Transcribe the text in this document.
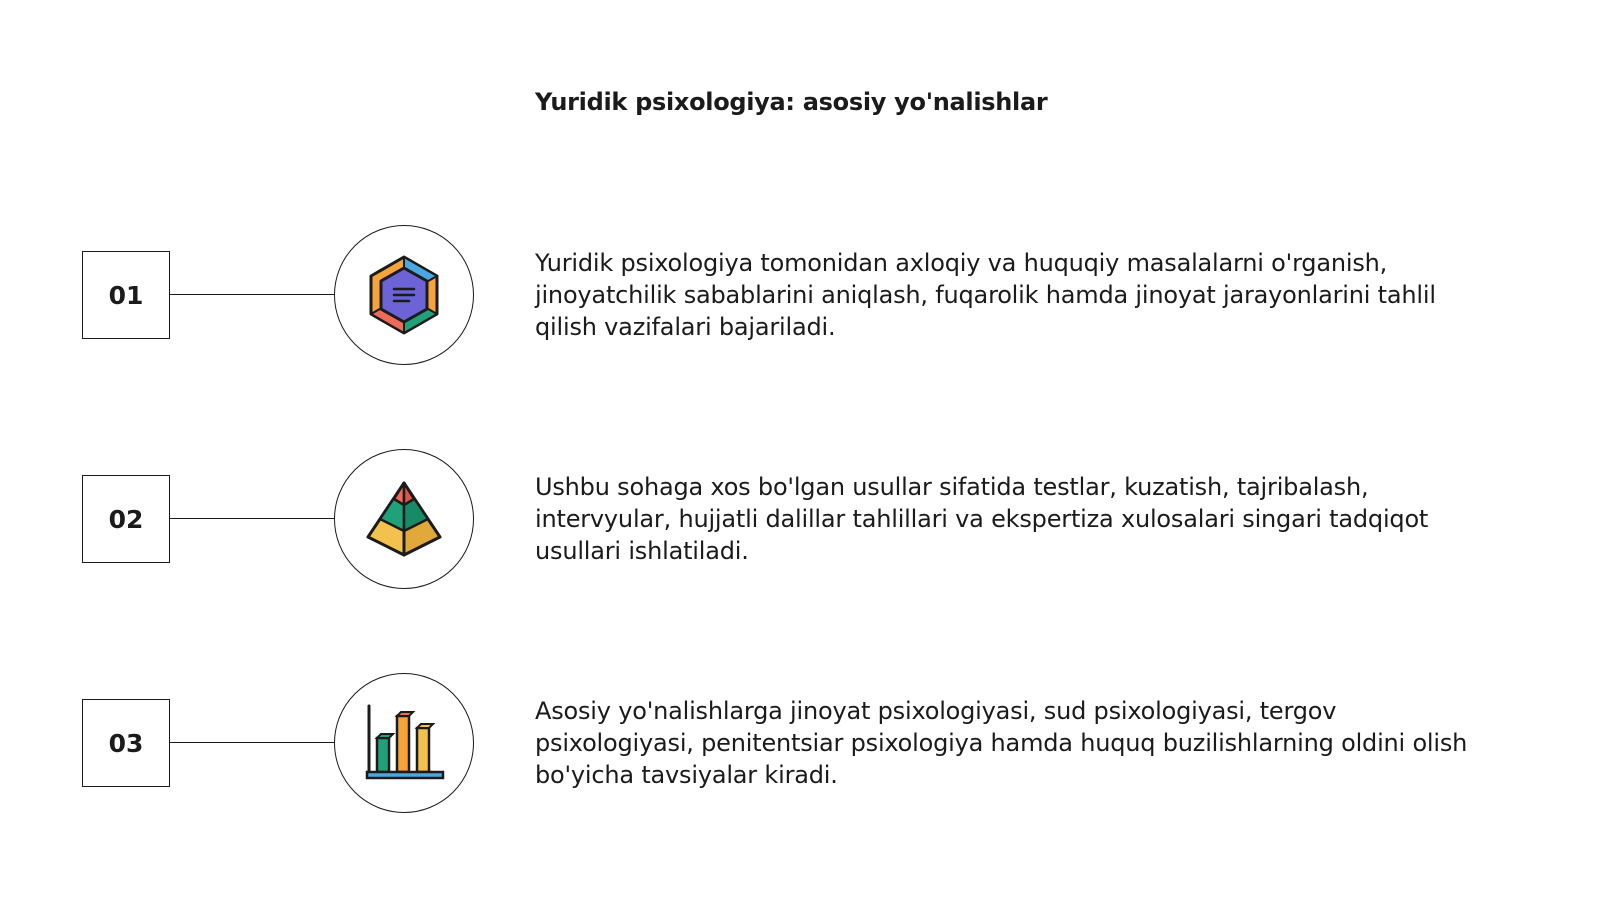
Yuridik psixologiya: asosiy yo'nalishlar
01
Yuridik psixologiya tomonidan axloqiy va huquqiy masalalarni o'rganish, jinoyatchilik sabablarini aniqlash, fuqarolik hamda jinoyat jarayonlarini tahlil qilish vazifalari bajariladi.
02
Ushbu sohaga xos bo'lgan usullar sifatida testlar, kuzatish, tajribalash, intervyular, hujjatli dalillar tahlillari va ekspertiza xulosalari singari tadqiqot usullari ishlatiladi.
03
Asosiy yo'nalishlarga jinoyat psixologiyasi, sud psixologiyasi, tergov psixologiyasi, penitentsiar psixologiya hamda huquq buzilishlarning oldini olish bo'yicha tavsiyalar kiradi.
